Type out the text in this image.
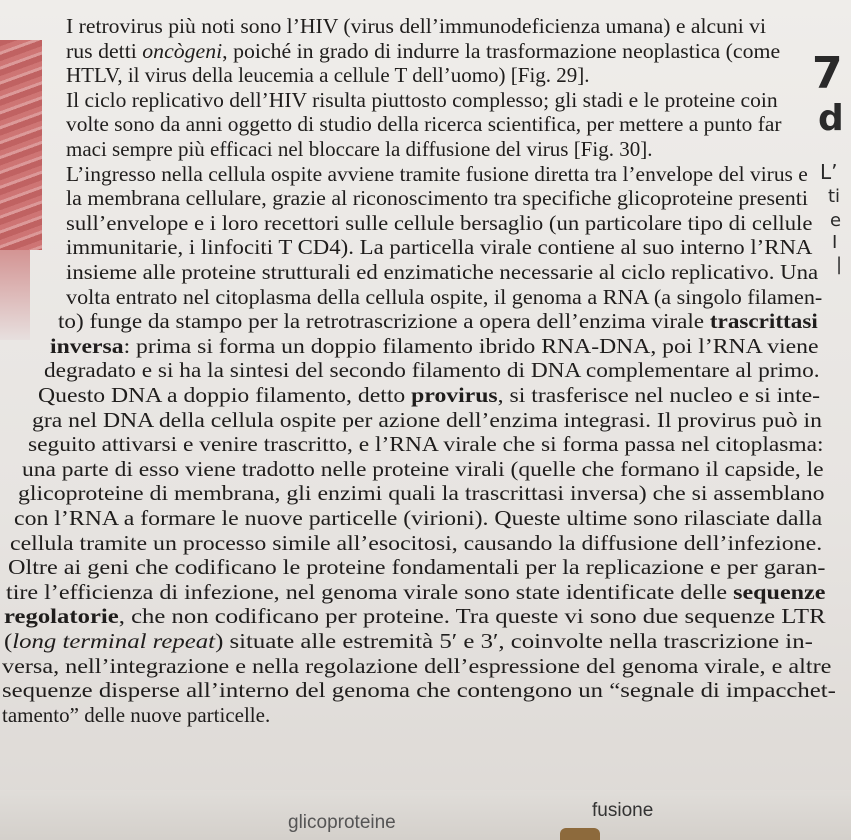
I retrovirus più noti sono l’HIV (virus dell’immunodeficienza umana) e alcuni vi
rus detti oncògeni, poiché in grado di indurre la trasformazione neoplastica (come
HTLV, il virus della leucemia a cellule T dell’uomo) [Fig. 29].
Il ciclo replicativo dell’HIV risulta piuttosto complesso; gli stadi e le proteine coin
volte sono da anni oggetto di studio della ricerca scientifica, per mettere a punto far
maci sempre più efficaci nel bloccare la diffusione del virus [Fig. 30].
L’ingresso nella cellula ospite avviene tramite fusione diretta tra l’envelope del virus e
la membrana cellulare, grazie al riconoscimento tra specifiche glicoproteine presenti
sull’envelope e i loro recettori sulle cellule bersaglio (un particolare tipo di cellule
immunitarie, i linfociti T CD4). La particella virale contiene al suo interno l’RNA
insieme alle proteine strutturali ed enzimatiche necessarie al ciclo replicativo. Una
volta entrato nel citoplasma della cellula ospite, il genoma a RNA (a singolo filamen-
to) funge da stampo per la retrotrascrizione a opera dell’enzima virale trascrittasi
inversa: prima si forma un doppio filamento ibrido RNA-DNA, poi l’RNA viene
degradato e si ha la sintesi del secondo filamento di DNA complementare al primo.
Questo DNA a doppio filamento, detto provirus, si trasferisce nel nucleo e si inte-
gra nel DNA della cellula ospite per azione dell’enzima integrasi. Il provirus può in
seguito attivarsi e venire trascritto, e l’RNA virale che si forma passa nel citoplasma:
una parte di esso viene tradotto nelle proteine virali (quelle che formano il capside, le
glicoproteine di membrana, gli enzimi quali la trascrittasi inversa) che si assemblano
con l’RNA a formare le nuove particelle (virioni). Queste ultime sono rilasciate dalla
cellula tramite un processo simile all’esocitosi, causando la diffusione dell’infezione.
Oltre ai geni che codificano le proteine fondamentali per la replicazione e per garan-
tire l’efficienza di infezione, nel genoma virale sono state identificate delle sequenze
regolatorie, che non codificano per proteine. Tra queste vi sono due sequenze LTR
(long terminal repeat) situate alle estremità 5′ e 3′, coinvolte nella trascrizione in-
versa, nell’integrazione e nella regolazione dell’espressione del genoma virale, e altre
sequenze disperse all’interno del genoma che contengono un “segnale di impacchet-
tamento” delle nuove particelle.
7
d
L’
ti
e
I
|
glicoproteine
fusione
